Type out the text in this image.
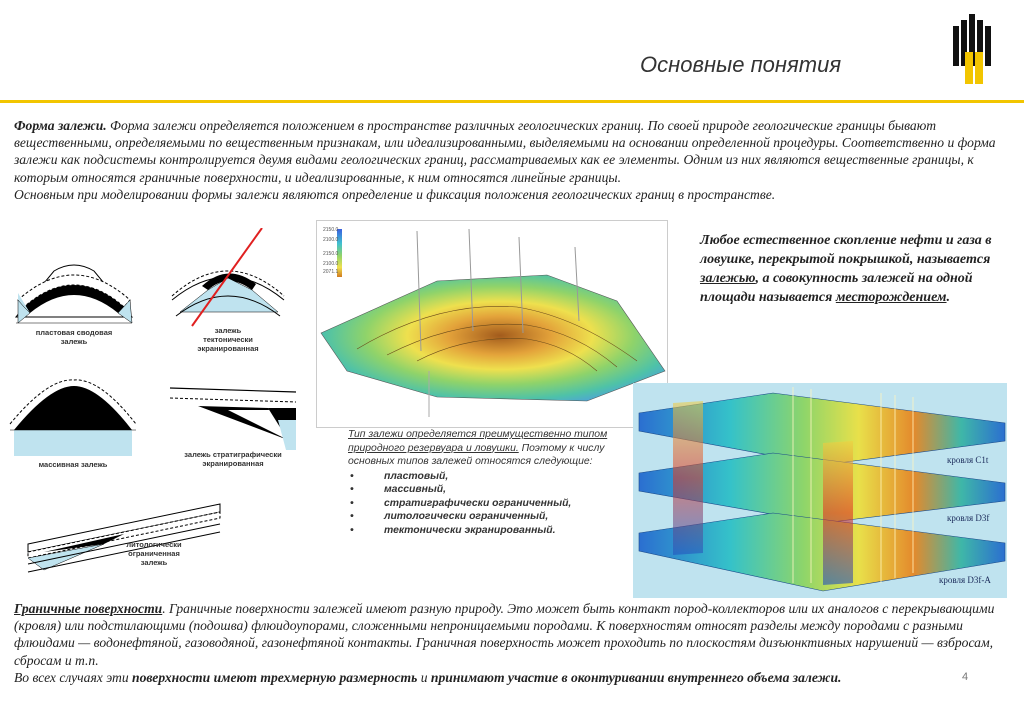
Основные понятия
Форма залежи. Форма залежи определяется положением в пространстве различных геологических границ. По своей природе геологические границы бывают вещественными, определяемыми по вещественным признакам, или идеализированными, выделяемыми на основании определенной процедуры. Соответственно и форма залежи как подсистемы контролируется двумя видами геологических границ, рассматриваемых как ее элементы. Одним из них являются вещественные границы, к которым относятся граничные поверхности, и идеализированные, к ним относятся линейные границы.
Основным при моделировании формы залежи являются определение и фиксация положения геологических границ в пространстве.
пластовая сводовая
залежь
залежь
тектонически
экранированная
массивная залежь
залежь стратиграфически
экранированная
литологически
ограниченная
залежь
2150.0
2100.0
2150.0
2100.0
2071.1
Любое естественное скопление нефти и газа в ловушке, перекрытой покрышкой, называется залежью, а совокупность залежей на одной площади называется месторождением.
кровля C1t
кровля D3f
кровля D3f-A
Тип залежи определяется преимущественно типом природного резервуара и ловушки. Поэтому к числу основных типов залежей относятся следующие:
• пластовый,
• массивный,
• стратиграфически ограниченный,
• литологически ограниченный,
• тектонически экранированный.
Граничные поверхности. Граничные поверхности залежей имеют разную природу. Это может быть контакт пород-коллекторов или их аналогов с перекрывающими (кровля) или подстилающими (подошва) флюидоупорами, сложенными непроницаемыми породами. К поверхностям относят разделы между породами с разными флюидами — водонефтяной, газоводяной, газонефтяной контакты. Граничная поверхность может проходить по плоскостям дизъюнктивных нарушений — взбросам, сбросам и т.п.
Во всех случаях эти поверхности имеют трехмерную размерность и принимают участие в оконтуривании внутреннего объема залежи.	4
